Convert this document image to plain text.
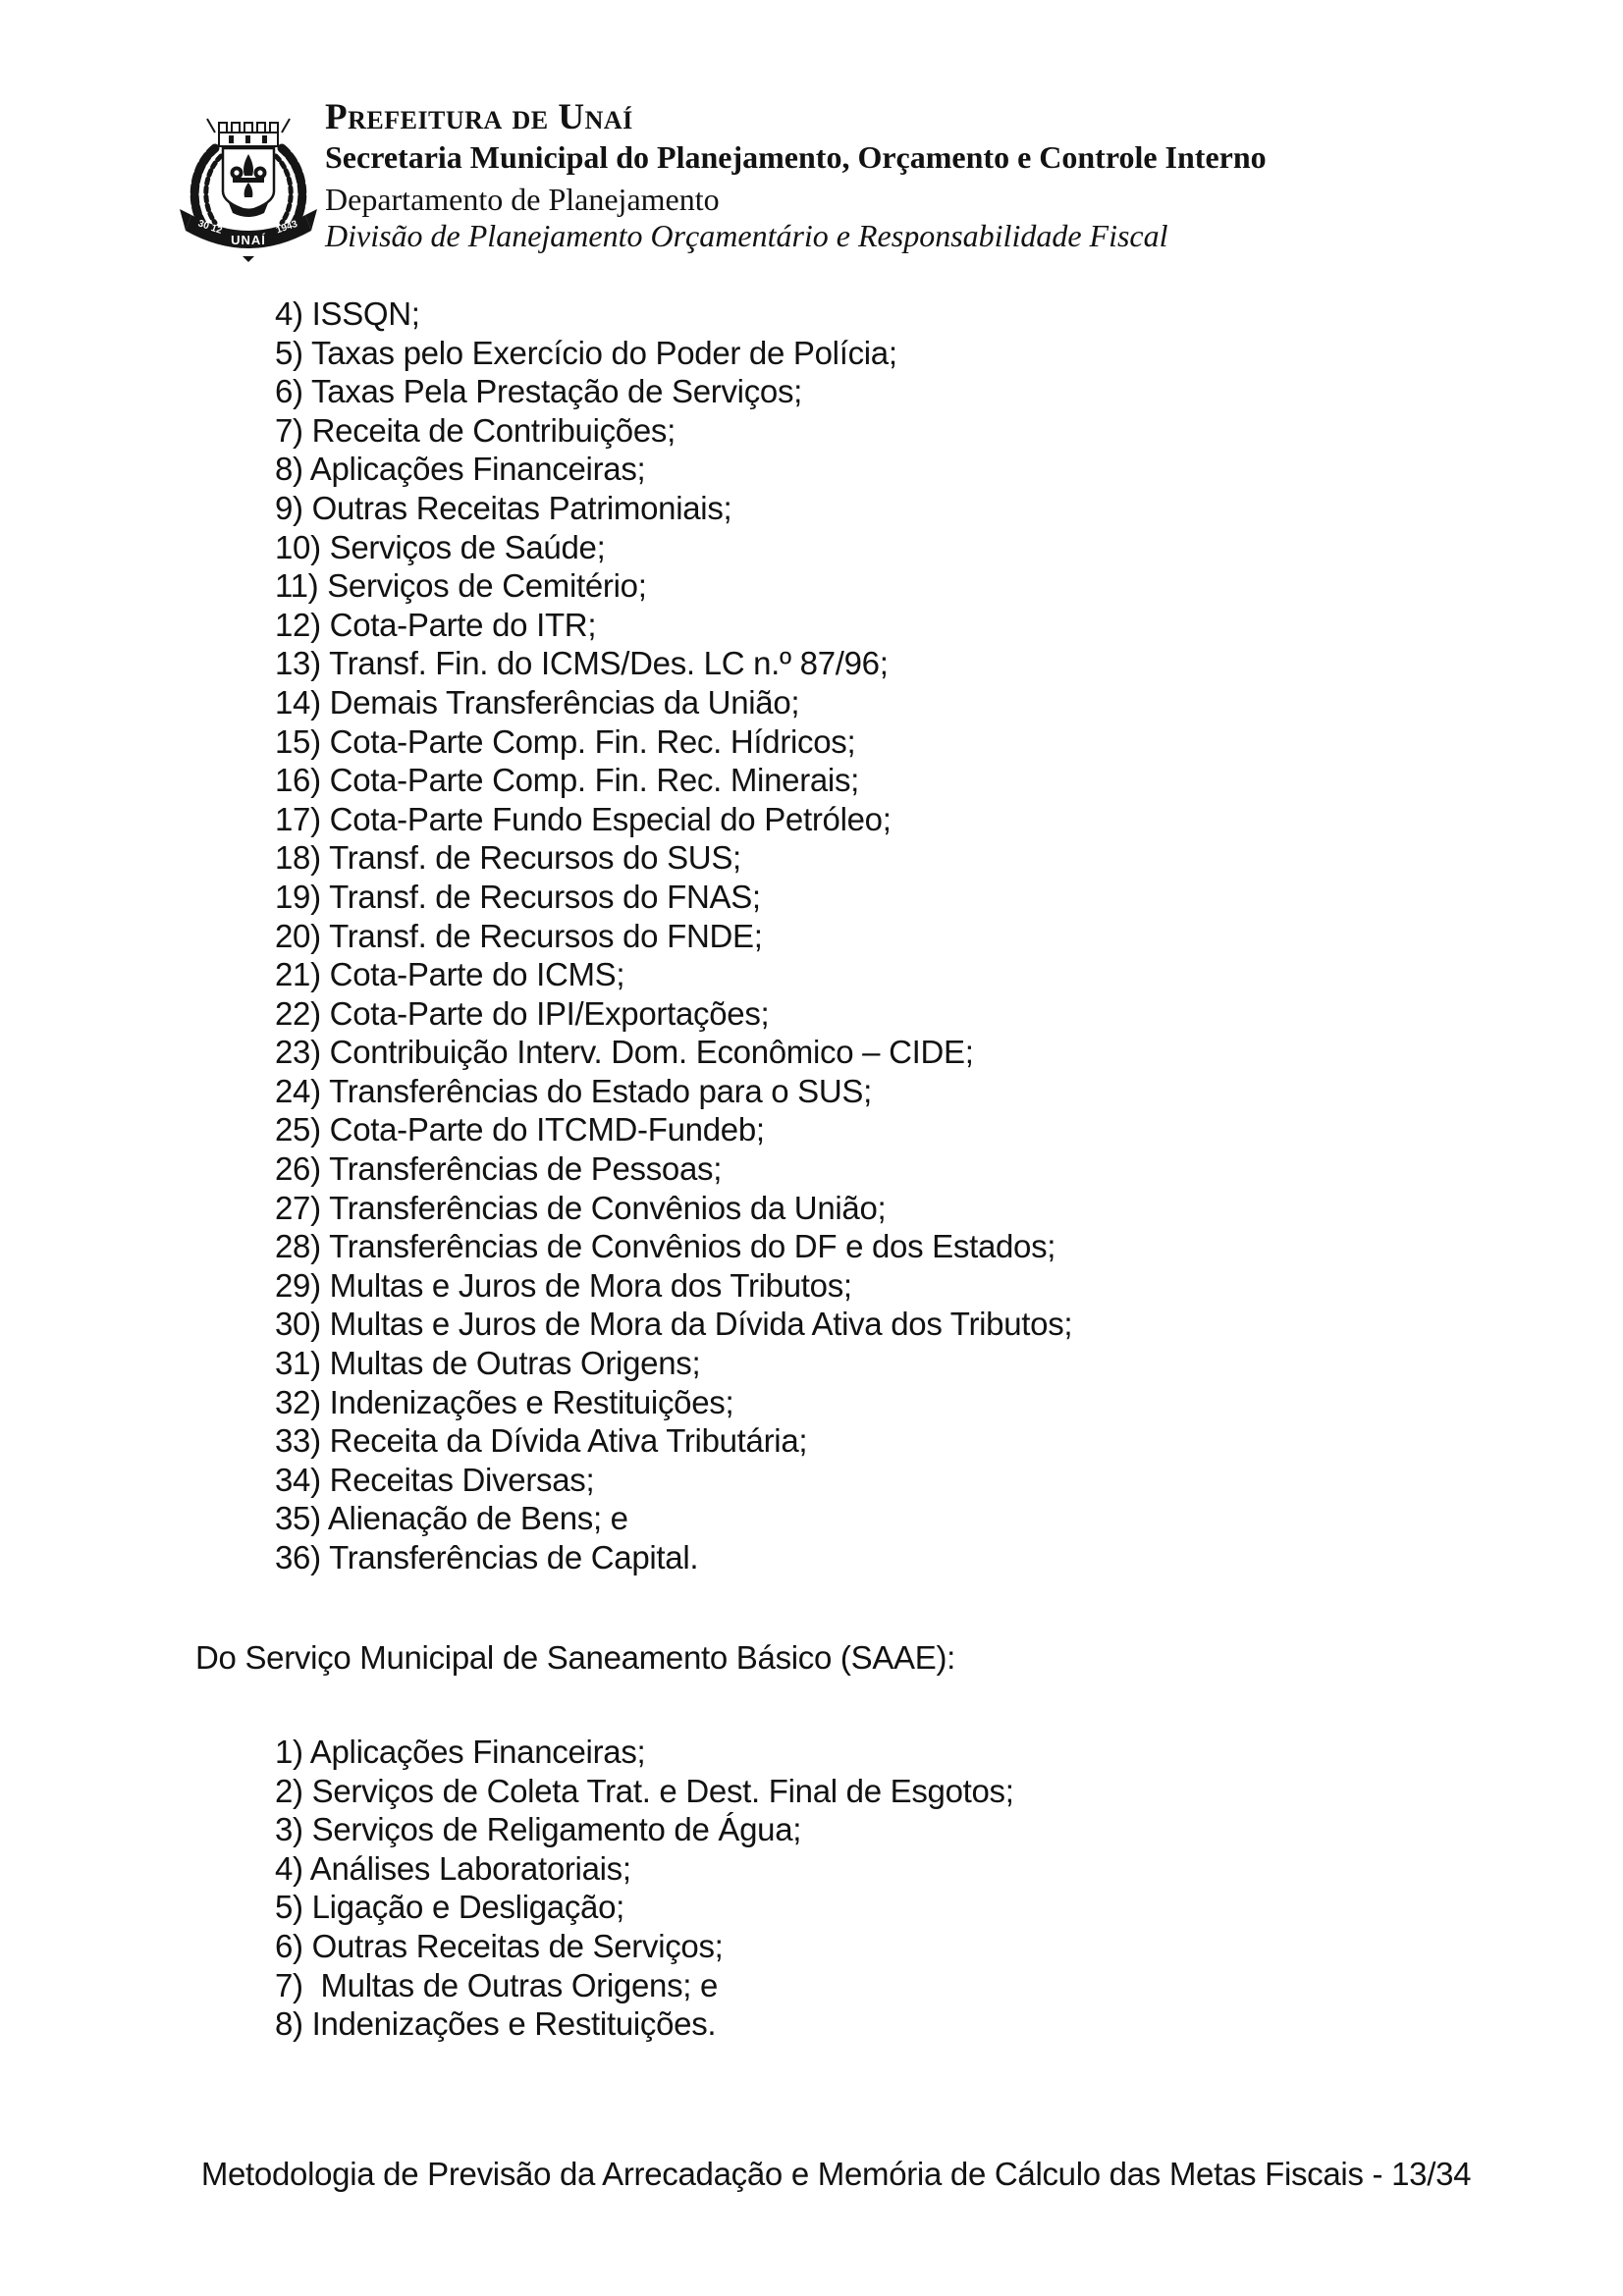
30 12
UNAÍ
1943
Prefeitura de Unaí
Secretaria Municipal do Planejamento, Orçamento e Controle Interno
Departamento de Planejamento
Divisão de Planejamento Orçamentário e Responsabilidade Fiscal
4) ISSQN;
5) Taxas pelo Exercício do Poder de Polícia;
6) Taxas Pela Prestação de Serviços;
7) Receita de Contribuições;
8) Aplicações Financeiras;
9) Outras Receitas Patrimoniais;
10) Serviços de Saúde;
11) Serviços de Cemitério;
12) Cota-Parte do ITR;
13) Transf. Fin. do ICMS/Des. LC n.º 87/96;
14) Demais Transferências da União;
15) Cota-Parte Comp. Fin. Rec. Hídricos;
16) Cota-Parte Comp. Fin. Rec. Minerais;
17) Cota-Parte Fundo Especial do Petróleo;
18) Transf. de Recursos do SUS;
19) Transf. de Recursos do FNAS;
20) Transf. de Recursos do FNDE;
21) Cota-Parte do ICMS;
22) Cota-Parte do IPI/Exportações;
23) Contribuição Interv. Dom. Econômico – CIDE;
24) Transferências do Estado para o SUS;
25) Cota-Parte do ITCMD-Fundeb;
26) Transferências de Pessoas;
27) Transferências de Convênios da União;
28) Transferências de Convênios do DF e dos Estados;
29) Multas e Juros de Mora dos Tributos;
30) Multas e Juros de Mora da Dívida Ativa dos Tributos;
31) Multas de Outras Origens;
32) Indenizações e Restituições;
33) Receita da Dívida Ativa Tributária;
34) Receitas Diversas;
35) Alienação de Bens; e
36) Transferências de Capital.
Do Serviço Municipal de Saneamento Básico (SAAE):
1) Aplicações Financeiras;
2) Serviços de Coleta Trat. e Dest. Final de Esgotos;
3) Serviços de Religamento de Água;
4) Análises Laboratoriais;
5) Ligação e Desligação;
6) Outras Receitas de Serviços;
7)  Multas de Outras Origens; e
8) Indenizações e Restituições.
Metodologia de Previsão da Arrecadação e Memória de Cálculo das Metas Fiscais - 13/34
